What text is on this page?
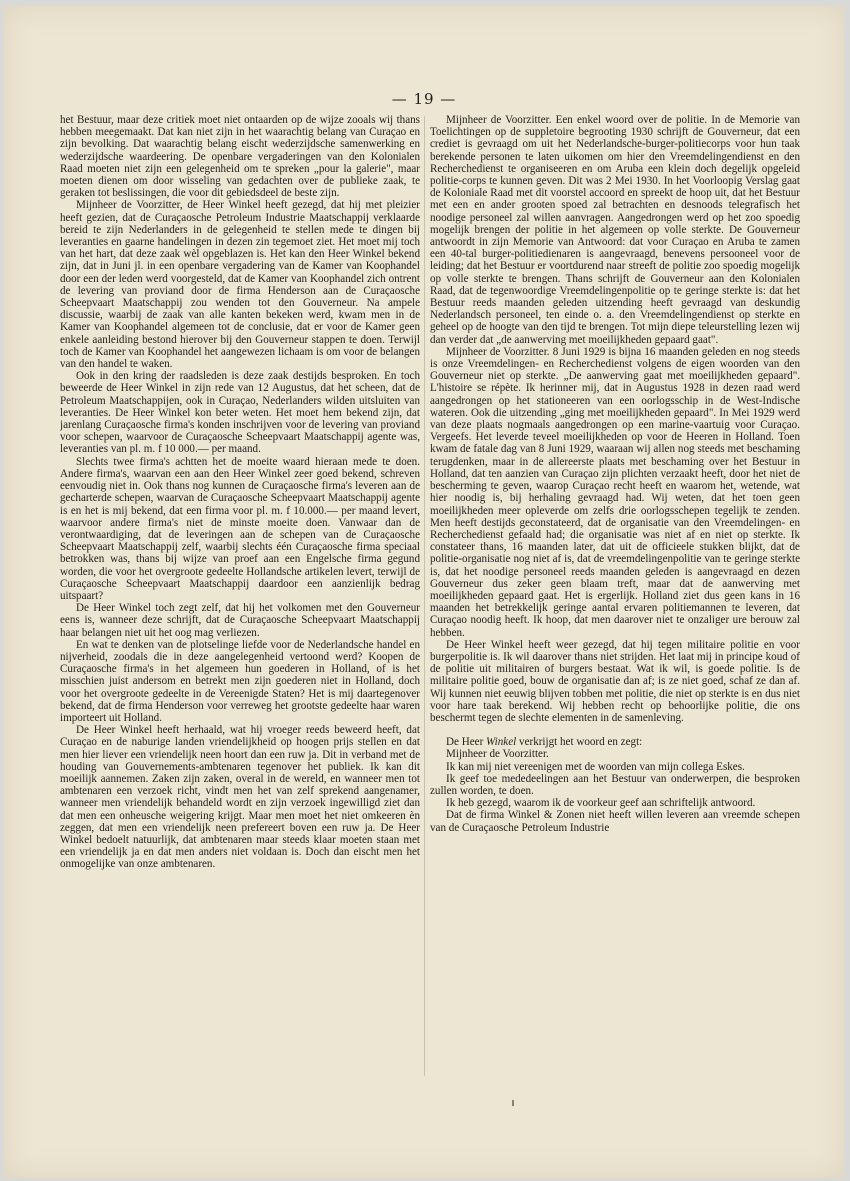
— 19 —

het Bestuur, maar deze critiek moet niet ontaarden op de wijze zooals wij thans hebben meegemaakt. Dat kan niet zijn in het waarachtig belang van Curaçao en zijn bevolking. Dat waarachtig belang eischt wederzijdsche samenwerking en wederzijdsche waardeering. De openbare vergaderingen van den Kolonialen Raad moeten niet zijn een gelegenheid om te spreken „pour la galerie", maar moeten dienen om door wisseling van gedachten over de publieke zaak, te geraken tot beslissingen, die voor dit gebiedsdeel de beste zijn.

Mijnheer de Voorzitter, de Heer Winkel heeft gezegd, dat hij met pleizier heeft gezien, dat de Curaçaosche Petroleum Industrie Maatschappij verklaarde bereid te zijn Nederlanders in de gelegenheid te stellen mede te dingen bij leveranties en gaarne handelingen in dezen zin tegemoet ziet. Het moet mij toch van het hart, dat deze zaak wèl opgeblazen is. Het kan den Heer Winkel bekend zijn, dat in Juni jl. in een openbare vergadering van de Kamer van Koophandel door een der leden werd voorgesteld, dat de Kamer van Koophandel zich ontrent de levering van proviand door de firma Henderson aan de Curaçaosche Scheepvaart Maatschappij zou wenden tot den Gouverneur. Na ampele discussie, waarbij de zaak van alle kanten bekeken werd, kwam men in de Kamer van Koophandel algemeen tot de conclusie, dat er voor de Kamer geen enkele aanleiding bestond hierover bij den Gouverneur stappen te doen. Terwijl toch de Kamer van Koophandel het aangewezen lichaam is om voor de belangen van den handel te waken.

Ook in den kring der raadsleden is deze zaak destijds besproken. En toch beweerde de Heer Winkel in zijn rede van 12 Augustus, dat het scheen, dat de Petroleum Maatschappijen, ook in Curaçao, Nederlanders wilden uitsluiten van leveranties. De Heer Winkel kon beter weten. Het moet hem bekend zijn, dat jarenlang Curaçaosche firma's konden inschrijven voor de levering van proviand voor schepen, waarvoor de Curaçaosche Scheepvaart Maatschappij agente was, leveranties van pl. m. f 10 000.— per maand.

Slechts twee firma's achtten het de moeite waard hieraan mede te doen. Andere firma's, waarvan een aan den Heer Winkel zeer goed bekend, schreven eenvoudig niet in. Ook thans nog kunnen de Curaçaosche firma's leveren aan de gecharterde schepen, waarvan de Curaçaosche Scheepvaart Maatschappij agente is en het is mij bekend, dat een firma voor pl. m. f 10.000.— per maand levert, waarvoor andere firma's niet de minste moeite doen. Vanwaar dan de verontwaardiging, dat de leveringen aan de schepen van de Curaçaosche Scheepvaart Maatschappij zelf, waarbij slechts één Curaçaosche firma speciaal betrokken was, thans bij wijze van proef aan een Engelsche firma gegund worden, die voor het overgroote gedeelte Hollandsche artikelen levert, terwijl de Curaçaosche Scheepvaart Maatschappij daardoor een aanzienlijk bedrag uitspaart?

De Heer Winkel toch zegt zelf, dat hij het volkomen met den Gouverneur eens is, wanneer deze schrijft, dat de Curaçaosche Scheepvaart Maatschappij haar belangen niet uit het oog mag verliezen.

En wat te denken van de plotselinge liefde voor de Nederlandsche handel en nijverheid, zoodals die in deze aangelegenheid vertoond werd? Koopen de Curaçaosche firma's in het algemeen hun goederen in Holland, of is het misschien juist andersom en betrekt men zijn goederen niet in Holland, doch voor het overgroote gedeelte in de Vereenigde Staten? Het is mij daartegenover bekend, dat de firma Henderson voor verreweg het grootste gedeelte haar waren importeert uit Holland.

De Heer Winkel heeft herhaald, wat hij vroeger reeds beweerd heeft, dat Curaçao en de naburige landen vriendelijkheid op hoogen prijs stellen en dat men hier liever een vriendelijk neen hoort dan een ruw ja. Dit in verband met de houding van Gouvernements-ambtenaren tegenover het publiek. Ik kan dit moeilijk aannemen. Zaken zijn zaken, overal in de wereld, en wanneer men tot ambtenaren een verzoek richt, vindt men het van zelf sprekend aangenamer, wanneer men vriendelijk behandeld wordt en zijn verzoek ingewilligd ziet dan dat men een onheusche weigering krijgt. Maar men moet het niet omkeeren èn zeggen, dat men een vriendelijk neen prefereert boven een ruw ja. De Heer Winkel bedoelt natuurlijk, dat ambtenaren maar steeds klaar moeten staan met een vriendelijk ja en dat men anders niet voldaan is. Doch dan eischt men het onmogelijke van onze ambtenaren.

Mijnheer de Voorzitter. Een enkel woord over de politie. In de Memorie van Toelichtingen op de suppletoire begrooting 1930 schrijft de Gouverneur, dat een crediet is gevraagd om uit het Nederlandsche-burger-politiecorps voor hun taak berekende personen te laten uikomen om hier den Vreemdelingendienst en den Recherchedienst te organiseeren en om Aruba een klein doch degelijk opgeleid politie-corps te kunnen geven. Dit was 2 Mei 1930. In het Voorloopig Verslag gaat de Koloniale Raad met dit voorstel accoord en spreekt de hoop uit, dat het Bestuur met een en ander grooten spoed zal betrachten en desnoods telegrafisch het noodige personeel zal willen aanvragen. Aangedrongen werd op het zoo spoedig mogelijk brengen der politie in het algemeen op volle sterkte. De Gouverneur antwoordt in zijn Memorie van Antwoord: dat voor Curaçao en Aruba te zamen een 40-tal burger-politiedienaren is aangevraagd, benevens persooneel voor de leiding; dat het Bestuur er voortdurend naar streeft de politie zoo spoedig mogelijk op volle sterkte te brengen. Thans schrijft de Gouverneur aan den Kolonialen Raad, dat de tegenwoordige Vreemdelingenpolitie op te geringe sterkte is: dat het Bestuur reeds maanden geleden uitzending heeft gevraagd van deskundig Nederlandsch personeel, ten einde o. a. den Vreemdelingendienst op sterkte en geheel op de hoogte van den tijd te brengen. Tot mijn diepe teleurstelling lezen wij dan verder dat „de aanwerving met moeilijkheden gepaard gaat".

Mijnheer de Voorzitter. 8 Juni 1929 is bijna 16 maanden geleden en nog steeds is onze Vreemdelingen- en Recherchedienst volgens de eigen woorden van den Gouverneur niet op sterkte. „De aanwerving gaat met moeilijkheden gepaard". L'histoire se répète. Ik herinner mij, dat in Augustus 1928 in dezen raad werd aangedrongen op het stationeeren van een oorlogsschip in de West-Indische wateren. Ook die uitzending „ging met moeilijkheden gepaard". In Mei 1929 werd van deze plaats nogmaals aangedrongen op een marine-vaartuig voor Curaçao. Vergeefs. Het leverde teveel moeilijkheden op voor de Heeren in Holland. Toen kwam de fatale dag van 8 Juni 1929, waaraan wij allen nog steeds met beschaming terugdenken, maar in de allereerste plaats met beschaming over het Bestuur in Holland, dat ten aanzien van Curaçao zijn plichten verzaakt heeft, door het niet de bescherming te geven, waarop Curaçao recht heeft en waarom het, wetende, wat hier noodig is, bij herhaling gevraagd had. Wij weten, dat het toen geen moeilijkheden meer opleverde om zelfs drie oorlogsschepen tegelijk te zenden. Men heeft destijds geconstateerd, dat de organisatie van den Vreemdelingen- en Recherchedienst gefaald had; die organisatie was niet af en niet op sterkte. Ik constateer thans, 16 maanden later, dat uit de officieele stukken blijkt, dat de politie-organisatie nog niet af is, dat de vreemdelingenpolitie van te geringe sterkte is, dat het noodige personeel reeds maanden geleden is aangevraagd en dezen Gouverneur dus zeker geen blaam treft, maar dat de aanwerving met moeilijkheden gepaard gaat. Het is ergerlijk. Holland ziet dus geen kans in 16 maanden het betrekkelijk geringe aantal ervaren politiemannen te leveren, dat Curaçao noodig heeft. Ik hoop, dat men daarover niet te onzaliger ure berouw zal hebben.

De Heer Winkel heeft weer gezegd, dat hij tegen militaire politie en voor burgerpolitie is. Ik wil daarover thans niet strijden. Het laat mij in principe koud of de politie uit militairen of burgers bestaat. Wat ik wil, is goede politie. Is de militaire politie goed, bouw de organisatie dan af; is ze niet goed, schaf ze dan af. Wij kunnen niet eeuwig blijven tobben met politie, die niet op sterkte is en dus niet voor hare taak berekend. Wij hebben recht op behoorlijke politie, die ons beschermt tegen de slechte elementen in de samenleving.

De Heer Winkel verkrijgt het woord en zegt:

Mijnheer de Voorzitter.

Ik kan mij niet vereenigen met de woorden van mijn collega Eskes.

Ik geef toe mededeelingen aan het Bestuur van onderwerpen, die besproken zullen worden, te doen.

Ik heb gezegd, waarom ik de voorkeur geef aan schriftelijk antwoord.

Dat de firma Winkel & Zonen niet heeft willen leveren aan vreemde schepen van de Curaçaosche Petroleum Industrie
